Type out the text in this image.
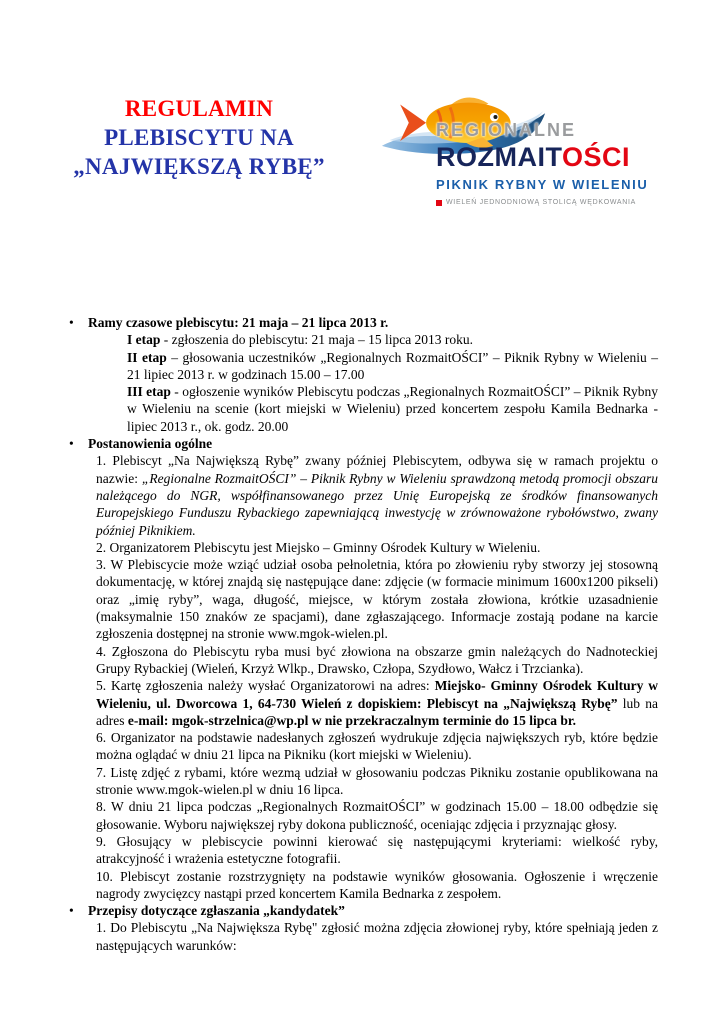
REGULAMIN
PLEBISCYTU NA
„NAJWIĘKSZĄ RYBĘ”
REGIONALNE
ROZMAITOŚCI
PIKNIK RYBNY W WIELENIU
WIELEŃ JEDNODNIOWĄ STOLICĄ WĘDKOWANIA
• Ramy czasowe plebiscytu: 21 maja – 21 lipca 2013 r.

I etap - zgłoszenia do plebiscytu: 21 maja – 15 lipca 2013 roku.

II etap – głosowania uczestników „Regionalnych RozmaitOŚCI” – Piknik Rybny w Wieleniu – 21 lipiec 2013 r. w godzinach 15.00 – 17.00

III etap - ogłoszenie wyników Plebiscytu podczas „Regionalnych RozmaitOŚCI” – Piknik Rybny w Wieleniu na scenie (kort miejski w Wieleniu) przed koncertem zespołu Kamila Bednarka - lipiec 2013 r., ok. godz. 20.00

• Postanowienia ogólne

1. Plebiscyt „Na Największą Rybę” zwany później Plebiscytem, odbywa się w ramach projektu o nazwie: „Regionalne RozmaitOŚCI” – Piknik Rybny w Wieleniu sprawdzoną metodą promocji obszaru należącego do NGR, współfinansowanego przez Unię Europejską ze środków finansowanych Europejskiego Funduszu Rybackiego zapewniającą inwestycję w zrównoważone rybołówstwo, zwany później Piknikiem.

2. Organizatorem Plebiscytu jest Miejsko – Gminny Ośrodek Kultury w Wieleniu.

3. W Plebiscycie może wziąć udział osoba pełnoletnia, która po złowieniu ryby stworzy jej stosowną dokumentację, w której znajdą się następujące dane: zdjęcie (w formacie minimum 1600x1200 pikseli) oraz „imię ryby”, waga, długość, miejsce, w którym została złowiona, krótkie uzasadnienie (maksymalnie 150 znaków ze spacjami), dane zgłaszającego. Informacje zostają podane na karcie zgłoszenia dostępnej na stronie www.mgok-wielen.pl.

4. Zgłoszona do Plebiscytu ryba musi być złowiona na obszarze gmin należących do Nadnoteckiej Grupy Rybackiej (Wieleń, Krzyż Wlkp., Drawsko, Człopa, Szydłowo, Wałcz i Trzcianka).

5. Kartę zgłoszenia należy wysłać Organizatorowi na adres: Miejsko- Gminny Ośrodek Kultury w Wieleniu, ul. Dworcowa 1, 64-730 Wieleń z dopiskiem: Plebiscyt na „Największą Rybę” lub na adres e-mail: mgok-strzelnica@wp.pl w nie przekraczalnym terminie do 15 lipca br.

6. Organizator na podstawie nadesłanych zgłoszeń wydrukuje zdjęcia największych ryb, które będzie można oglądać w dniu 21 lipca na Pikniku (kort miejski w Wieleniu).

7. Listę zdjęć z rybami, które wezmą udział w głosowaniu podczas Pikniku zostanie opublikowana na stronie www.mgok-wielen.pl w dniu 16 lipca.

8. W dniu 21 lipca podczas „Regionalnych RozmaitOŚCI” w godzinach 15.00 – 18.00 odbędzie się głosowanie. Wyboru największej ryby dokona publiczność, oceniając zdjęcia i przyznając głosy.

9. Głosujący w plebiscycie powinni kierować się następującymi kryteriami: wielkość ryby, atrakcyjność i wrażenia estetyczne fotografii.

10. Plebiscyt zostanie rozstrzygnięty na podstawie wyników głosowania. Ogłoszenie i wręczenie nagrody zwycięzcy nastąpi przed koncertem Kamila Bednarka z zespołem.

• Przepisy dotyczące zgłaszania „kandydatek”

1. Do Plebiscytu „Na Największa Rybę" zgłosić można zdjęcia złowionej ryby, które spełniają jeden z następujących warunków:
